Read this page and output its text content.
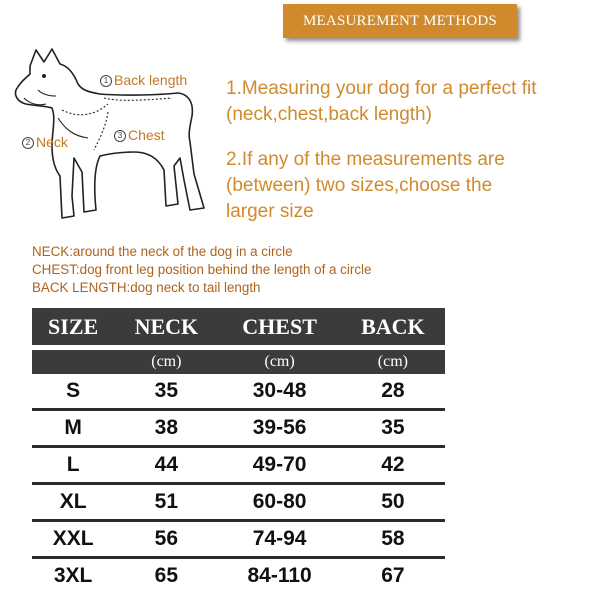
MEASUREMENT METHODS
1 Back length
2 Neck	3 Chest
1.Measuring your dog for a perfect fit
(neck,chest,back length)
2.If any of the measurements are
(between) two sizes,choose the
larger size
NECK:around the neck of the dog in a circle
CHEST:dog front leg position behind the length of a circle
BACK LENGTH:dog neck to tail length
SIZE	NECK	CHEST	BACK

	(cm)	(cm)	(cm)
S	35	30-48	28
M	38	39-56	35
L	44	49-70	42
XL	51	60-80	50
XXL	56	74-94	58
3XL	65	84-110	67
